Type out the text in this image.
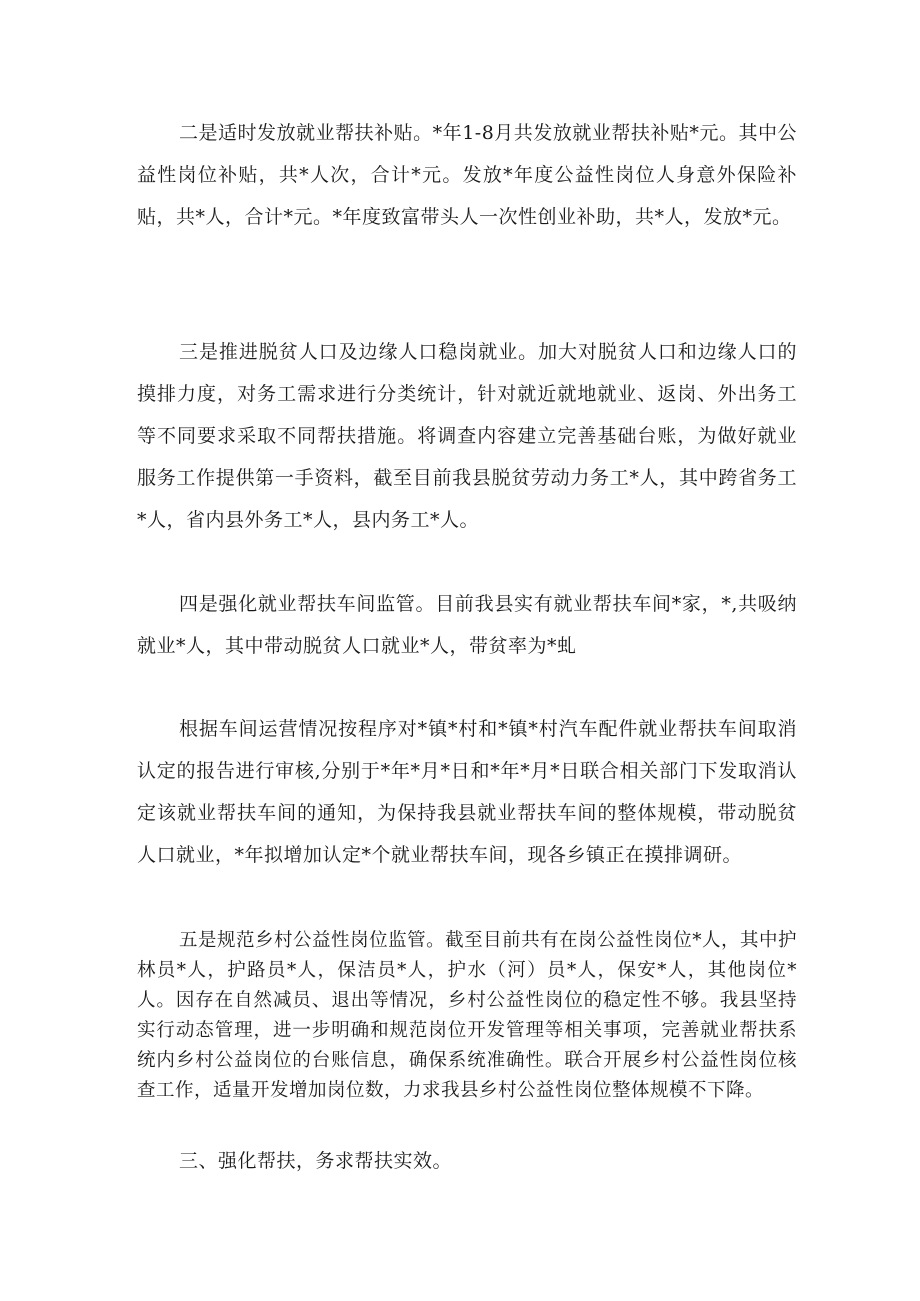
二是适时发放就业帮扶补贴。*年1-8月共发放就业帮扶补贴*元。其中公益性岗位补贴，共*人次，合计*元。发放*年度公益性岗位人身意外保险补贴，共*人，合计*元。*年度致富带头人一次性创业补助，共*人，发放*元。

三是推进脱贫人口及边缘人口稳岗就业。加大对脱贫人口和边缘人口的摸排力度，对务工需求进行分类统计，针对就近就地就业、返岗、外出务工等不同要求采取不同帮扶措施。将调查内容建立完善基础台账，为做好就业服务工作提供第一手资料，截至目前我县脱贫劳动力务工*人，其中跨省务工*人，省内县外务工*人，县内务工*人。

四是强化就业帮扶车间监管。目前我县实有就业帮扶车间*家，*,共吸纳就业*人，其中带动脱贫人口就业*人，带贫率为*虬

根据车间运营情况按程序对*镇*村和*镇*村汽车配件就业帮扶车间取消认定的报告进行审核,分别于*年*月*日和*年*月*日联合相关部门下发取消认定该就业帮扶车间的通知，为保持我县就业帮扶车间的整体规模，带动脱贫人口就业，*年拟增加认定*个就业帮扶车间，现各乡镇正在摸排调研。

五是规范乡村公益性岗位监管。截至目前共有在岗公益性岗位*人，其中护林员*人，护路员*人，保洁员*人，护水（河）员*人，保安*人，其他岗位*人。因存在自然减员、退出等情况，乡村公益性岗位的稳定性不够。我县坚持实行动态管理，进一步明确和规范岗位开发管理等相关事项，完善就业帮扶系统内乡村公益岗位的台账信息，确保系统准确性。联合开展乡村公益性岗位核查工作，适量开发增加岗位数，力求我县乡村公益性岗位整体规模不下降。

三、强化帮扶，务求帮扶实效。
